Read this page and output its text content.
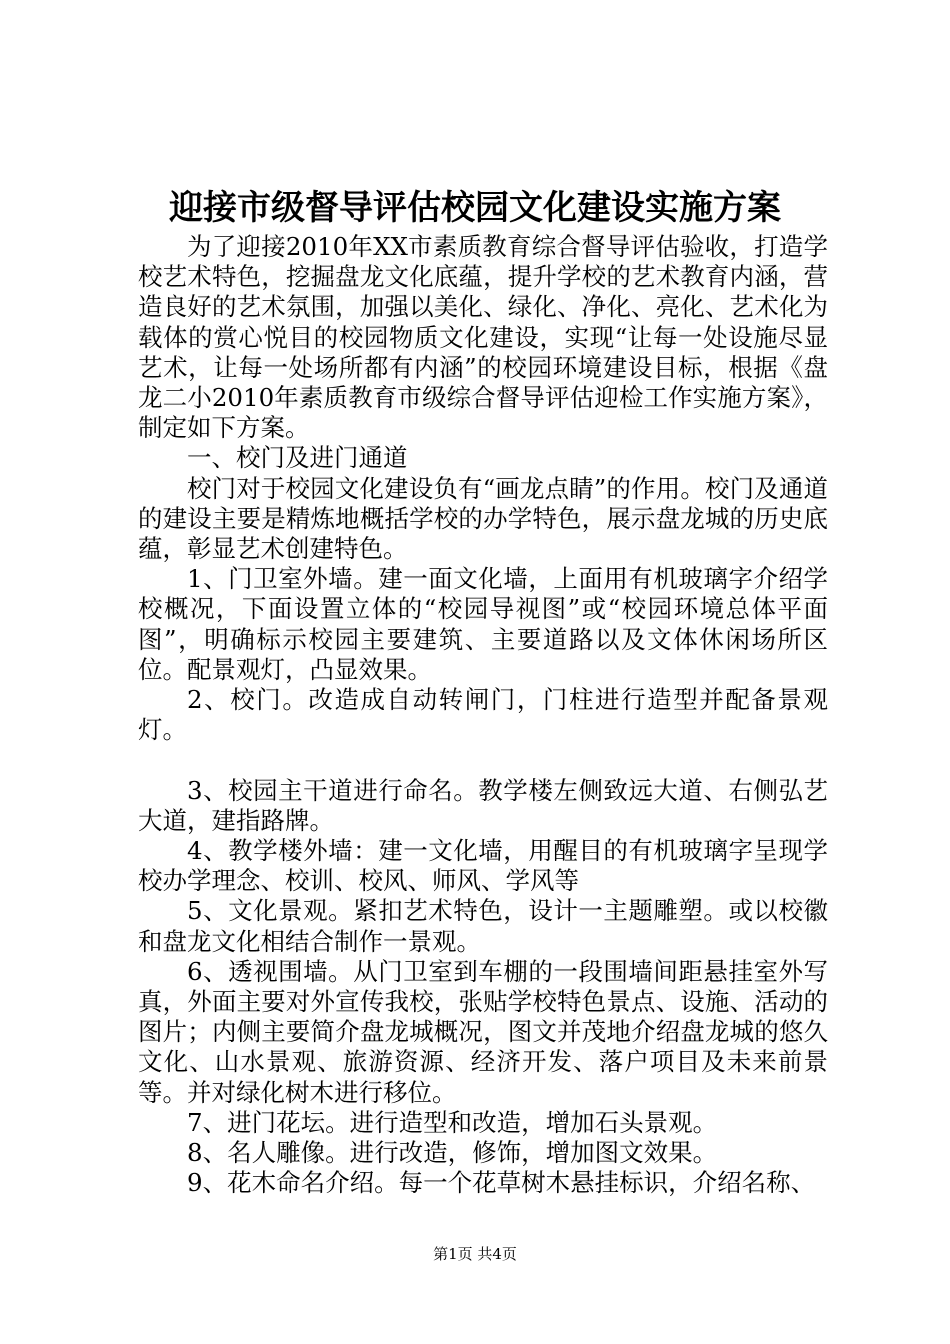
迎接市级督导评估校园文化建设实施方案

为了迎接2010年XX市素质教育综合督导评估验收，打造学校艺术特色，挖掘盘龙文化底蕴，提升学校的艺术教育内涵，营造良好的艺术氛围，加强以美化、绿化、净化、亮化、艺术化为载体的赏心悦目的校园物质文化建设，实现“让每一处设施尽显艺术，让每一处场所都有内涵”的校园环境建设目标，根据《盘龙二小2010年素质教育市级综合督导评估迎检工作实施方案》，制定如下方案。

一、校门及进门通道

校门对于校园文化建设负有“画龙点睛”的作用。校门及通道的建设主要是精炼地概括学校的办学特色，展示盘龙城的历史底蕴，彰显艺术创建特色。

1、门卫室外墙。建一面文化墙，上面用有机玻璃字介绍学校概况，下面设置立体的“校园导视图”或“校园环境总体平面图”，明确标示校园主要建筑、主要道路以及文体休闲场所区位。配景观灯，凸显效果。

2、校门。改造成自动转闸门，门柱进行造型并配备景观灯。

3、校园主干道进行命名。教学楼左侧致远大道、右侧弘艺大道，建指路牌。

4、教学楼外墙：建一文化墙，用醒目的有机玻璃字呈现学校办学理念、校训、校风、师风、学风等

5、文化景观。紧扣艺术特色，设计一主题雕塑。或以校徽和盘龙文化相结合制作一景观。

6、透视围墙。从门卫室到车棚的一段围墙间距悬挂室外写真，外面主要对外宣传我校，张贴学校特色景点、设施、活动的图片；内侧主要简介盘龙城概况，图文并茂地介绍盘龙城的悠久文化、山水景观、旅游资源、经济开发、落户项目及未来前景等。并对绿化树木进行移位。

7、进门花坛。进行造型和改造，增加石头景观。

8、名人雕像。进行改造，修饰，增加图文效果。

9、花木命名介绍。每一个花草树木悬挂标识，介绍名称、

第1页 共4页
